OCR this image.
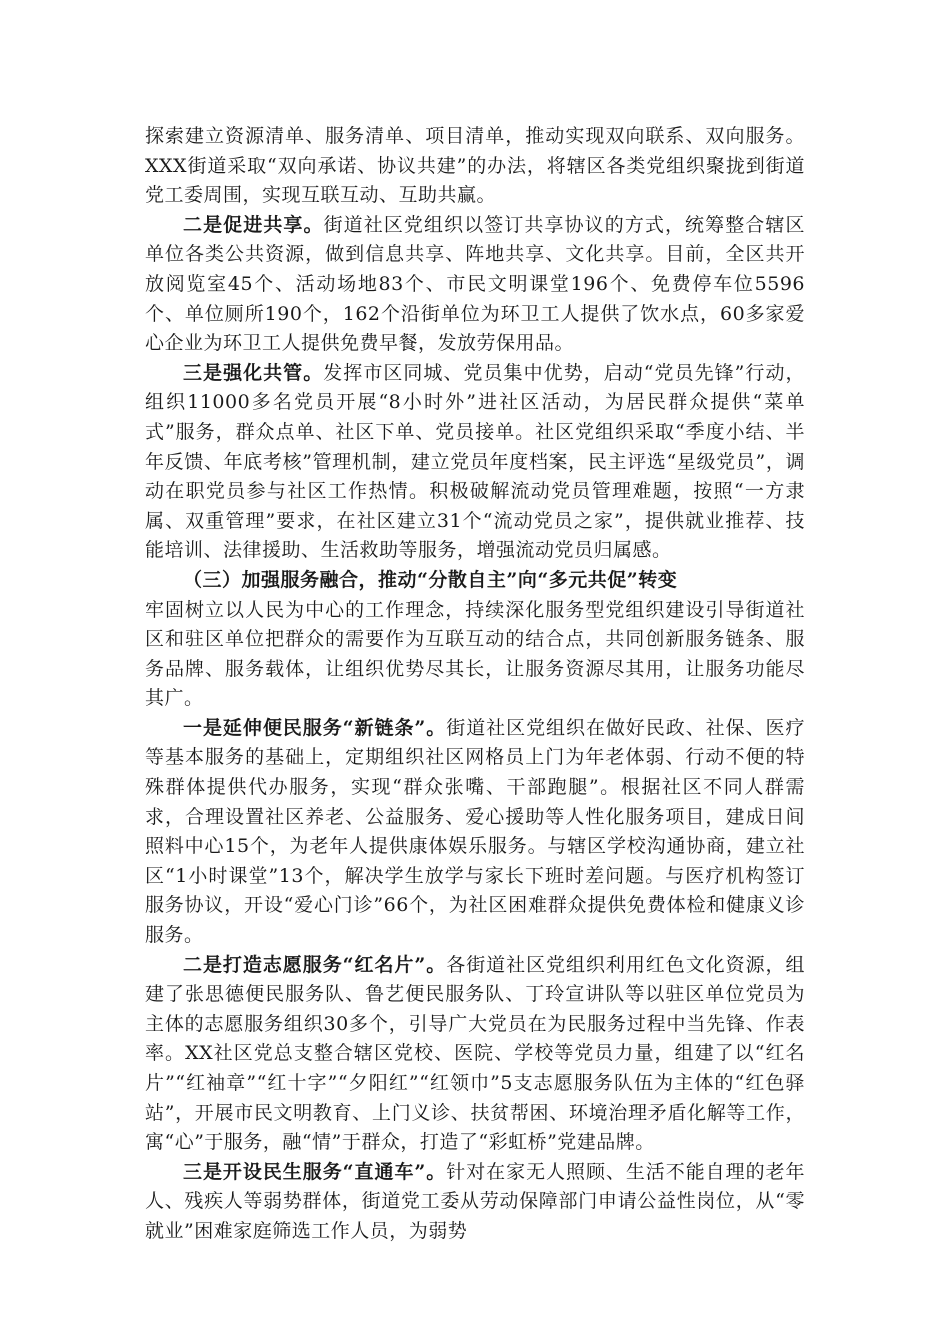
探索建立资源清单、服务清单、项目清单，推动实现双向联系、双向服务。XXX街道采取“双向承诺、协议共建”的办法，将辖区各类党组织聚拢到街道党工委周围，实现互联互动、互助共赢。

二是促进共享。街道社区党组织以签订共享协议的方式，统筹整合辖区单位各类公共资源，做到信息共享、阵地共享、文化共享。目前，全区共开放阅览室45个、活动场地83个、市民文明课堂196个、免费停车位5596个、单位厕所190个，162个沿街单位为环卫工人提供了饮水点，60多家爱心企业为环卫工人提供免费早餐，发放劳保用品。

三是强化共管。发挥市区同城、党员集中优势，启动“党员先锋”行动，组织11000多名党员开展“8小时外”进社区活动，为居民群众提供“菜单式”服务，群众点单、社区下单、党员接单。社区党组织采取“季度小结、半年反馈、年底考核”管理机制，建立党员年度档案，民主评选“星级党员”，调动在职党员参与社区工作热情。积极破解流动党员管理难题，按照“一方隶属、双重管理”要求，在社区建立31个“流动党员之家”，提供就业推荐、技能培训、法律援助、生活救助等服务，增强流动党员归属感。

（三）加强服务融合，推动“分散自主”向“多元共促”转变

牢固树立以人民为中心的工作理念，持续深化服务型党组织建设引导街道社区和驻区单位把群众的需要作为互联互动的结合点，共同创新服务链条、服务品牌、服务载体，让组织优势尽其长，让服务资源尽其用，让服务功能尽其广。

一是延伸便民服务“新链条”。街道社区党组织在做好民政、社保、医疗等基本服务的基础上，定期组织社区网格员上门为年老体弱、行动不便的特殊群体提供代办服务，实现“群众张嘴、干部跑腿”。根据社区不同人群需求，合理设置社区养老、公益服务、爱心援助等人性化服务项目，建成日间照料中心15个，为老年人提供康体娱乐服务。与辖区学校沟通协商，建立社区“1小时课堂”13个，解决学生放学与家长下班时差问题。与医疗机构签订服务协议，开设“爱心门诊”66个，为社区困难群众提供免费体检和健康义诊服务。

二是打造志愿服务“红名片”。各街道社区党组织利用红色文化资源，组建了张思德便民服务队、鲁艺便民服务队、丁玲宣讲队等以驻区单位党员为主体的志愿服务组织30多个，引导广大党员在为民服务过程中当先锋、作表率。XX社区党总支整合辖区党校、医院、学校等党员力量，组建了以“红名片”“红袖章”“红十字”“夕阳红”“红领巾”5支志愿服务队伍为主体的“红色驿站”，开展市民文明教育、上门义诊、扶贫帮困、环境治理矛盾化解等工作，寓“心”于服务，融“情”于群众，打造了“彩虹桥”党建品牌。

三是开设民生服务“直通车”。针对在家无人照顾、生活不能自理的老年人、残疾人等弱势群体，街道党工委从劳动保障部门申请公益性岗位，从“零就业”困难家庭筛选工作人员，为弱势
